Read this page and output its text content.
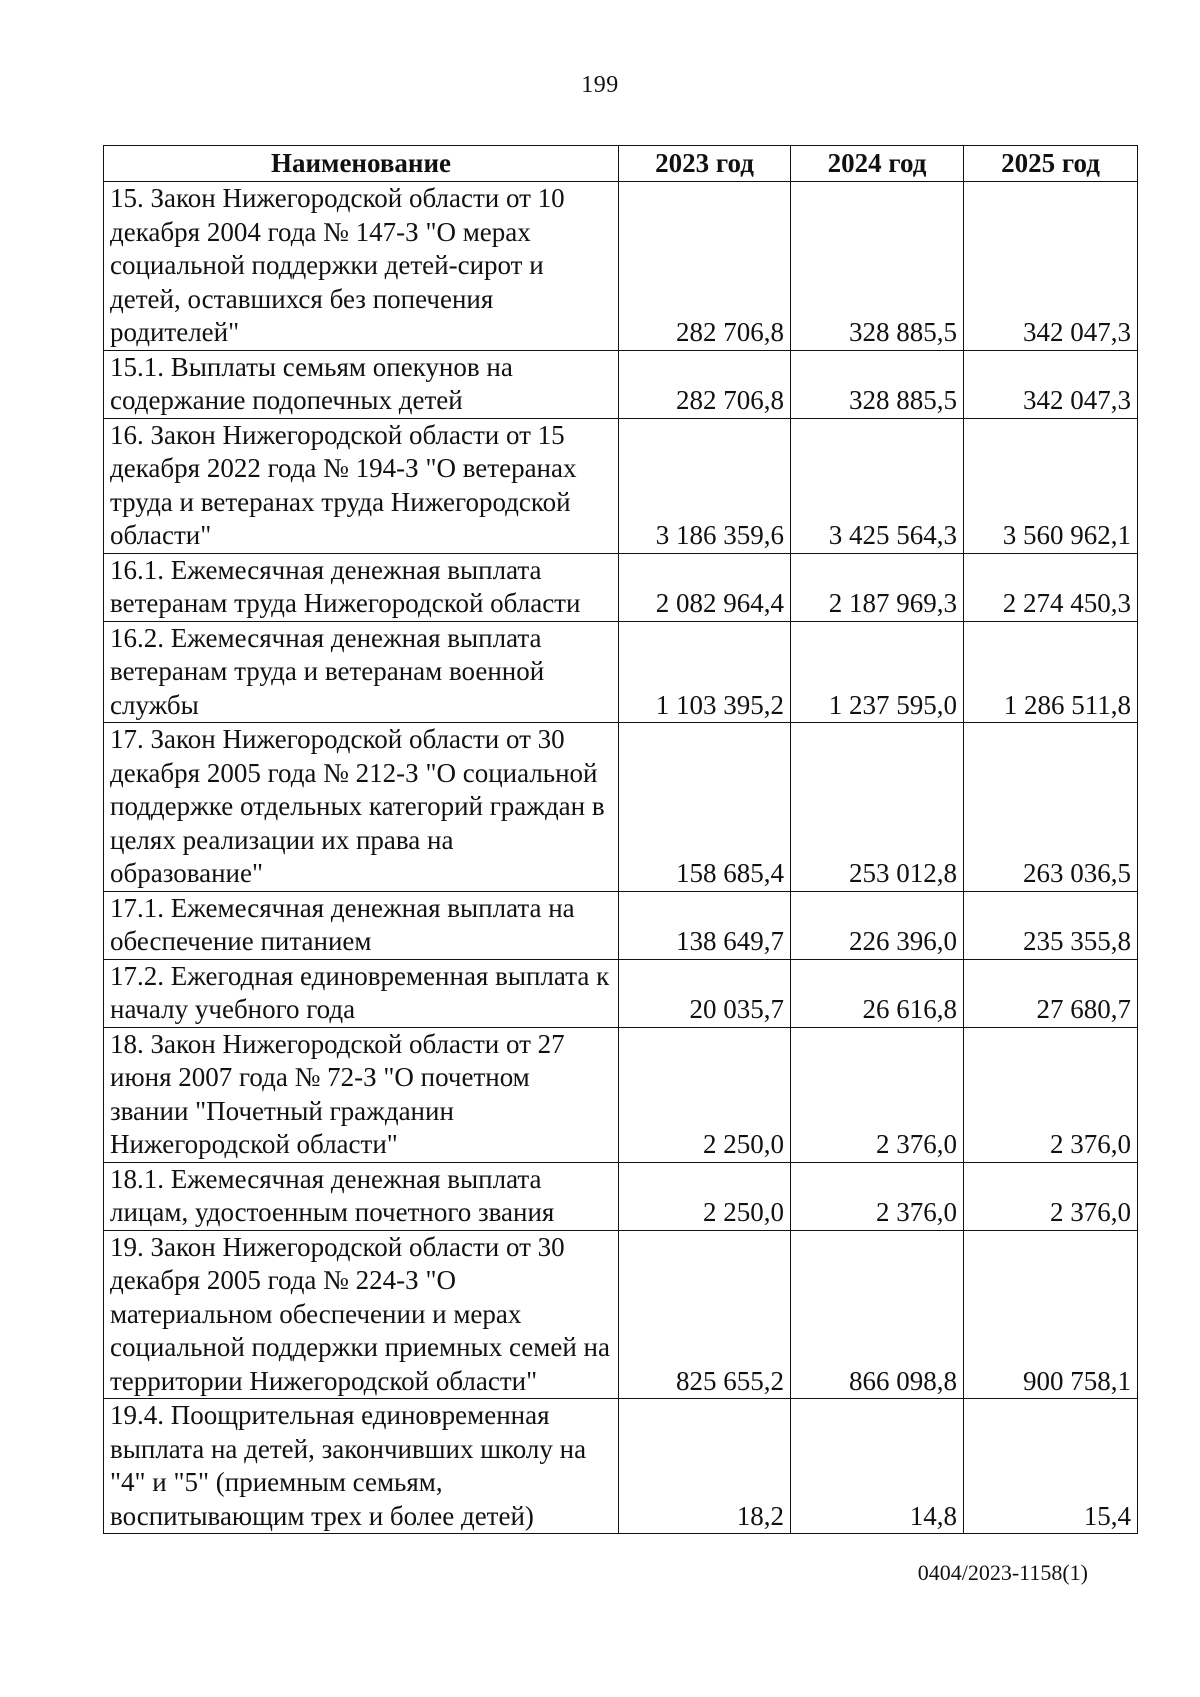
199
Наименование	2023 год	2024 год	2025 год
15. Закон Нижегородской области от 10 декабря 2004 года № 147-З "О мерах социальной поддержки детей-сирот и детей, оставшихся без попечения родителей"	282 706,8	328 885,5	342 047,3
15.1. Выплаты семьям опекунов на содержание подопечных детей	282 706,8	328 885,5	342 047,3
16. Закон Нижегородской области от 15 декабря 2022 года № 194-З "О ветеранах труда и ветеранах труда Нижегородской области"	3 186 359,6	3 425 564,3	3 560 962,1
16.1. Ежемесячная денежная выплата ветеранам труда Нижегородской области	2 082 964,4	2 187 969,3	2 274 450,3
16.2. Ежемесячная денежная выплата ветеранам труда и ветеранам военной службы	1 103 395,2	1 237 595,0	1 286 511,8
17. Закон Нижегородской области от 30 декабря 2005 года № 212-З "О социальной поддержке отдельных категорий граждан в целях реализации их права на образование"	158 685,4	253 012,8	263 036,5
17.1. Ежемесячная денежная выплата на обеспечение питанием	138 649,7	226 396,0	235 355,8
17.2. Ежегодная единовременная выплата к началу учебного года	20 035,7	26 616,8	27 680,7
18. Закон Нижегородской области от 27 июня 2007 года № 72-З "О почетном звании "Почетный гражданин Нижегородской области"	2 250,0	2 376,0	2 376,0
18.1. Ежемесячная денежная выплата лицам, удостоенным почетного звания	2 250,0	2 376,0	2 376,0
19. Закон Нижегородской области от 30 декабря 2005 года № 224-З "О материальном обеспечении и мерах социальной поддержки приемных семей на территории Нижегородской области"	825 655,2	866 098,8	900 758,1
19.4. Поощрительная единовременная выплата на детей, закончивших школу на "4" и "5" (приемным семьям, воспитывающим трех и более детей)	18,2	14,8	15,4
0404/2023-1158(1)
